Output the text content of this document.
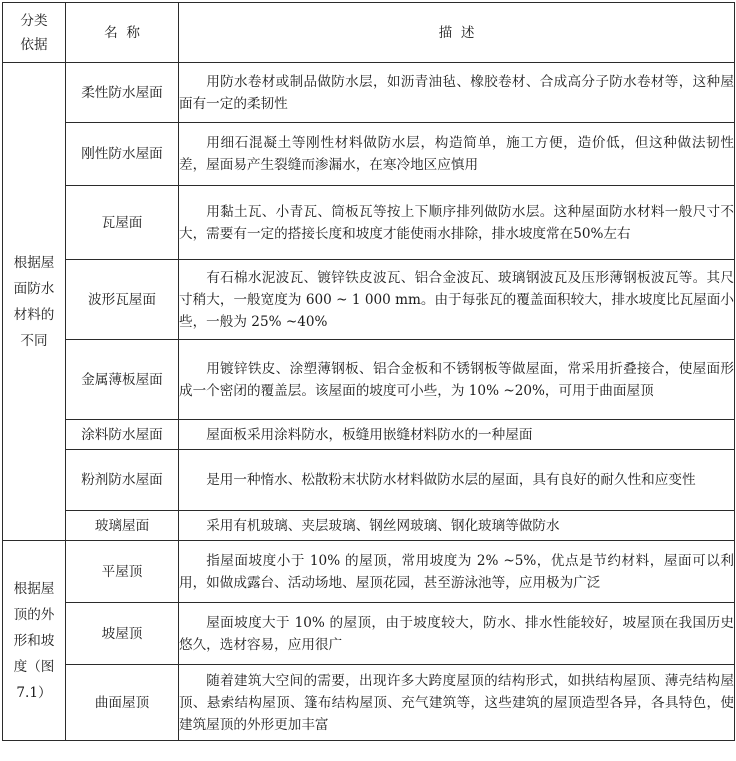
分类依据	名  称	描  述
根据屋面防水材料的不同	柔性防水屋面	用防水卷材或制品做防水层，如沥青油毡、橡胶卷材、合成高分子防水卷材等，这种屋面有一定的柔韧性

	刚性防水屋面	用细石混凝土等刚性材料做防水层，构造简单，施工方便，造价低，但这种做法韧性差，屋面易产生裂缝而渗漏水，在寒冷地区应慎用

	瓦屋面	用黏土瓦、小青瓦、筒板瓦等按上下顺序排列做防水层。这种屋面防水材料一般尺寸不大，需要有一定的搭接长度和坡度才能使雨水排除，排水坡度常在50%左右

	波形瓦屋面	有石棉水泥波瓦、镀锌铁皮波瓦、铝合金波瓦、玻璃钢波瓦及压形薄钢板波瓦等。其尺寸稍大，一般宽度为 600 ~ 1 000 mm。由于每张瓦的覆盖面积较大，排水坡度比瓦屋面小些，一般为 25% ~40%

	金属薄板屋面	用镀锌铁皮、涂塑薄钢板、铝合金板和不锈钢板等做屋面，常采用折叠接合，使屋面形成一个密闭的覆盖层。该屋面的坡度可小些，为 10% ~20%，可用于曲面屋顶

	涂料防水屋面	屋面板采用涂料防水，板缝用嵌缝材料防水的一种屋面

	粉剂防水屋面	是用一种惰水、松散粉末状防水材料做防水层的屋面，具有良好的耐久性和应变性

	玻璃屋面	采用有机玻璃、夹层玻璃、钢丝网玻璃、钢化玻璃等做防水

根据屋顶的外形和坡度（图7.1）	平屋顶	指屋面坡度小于 10% 的屋顶，常用坡度为 2% ~5%，优点是节约材料，屋面可以利用，如做成露台、活动场地、屋顶花园，甚至游泳池等，应用极为广泛

	坡屋顶	屋面坡度大于 10% 的屋顶，由于坡度较大，防水、排水性能较好，坡屋顶在我国历史悠久，选材容易，应用很广

	曲面屋顶	随着建筑大空间的需要，出现许多大跨度屋顶的结构形式，如拱结构屋顶、薄壳结构屋顶、悬索结构屋顶、篷布结构屋顶、充气建筑等，这些建筑的屋顶造型各异，各具特色，使建筑屋顶的外形更加丰富
